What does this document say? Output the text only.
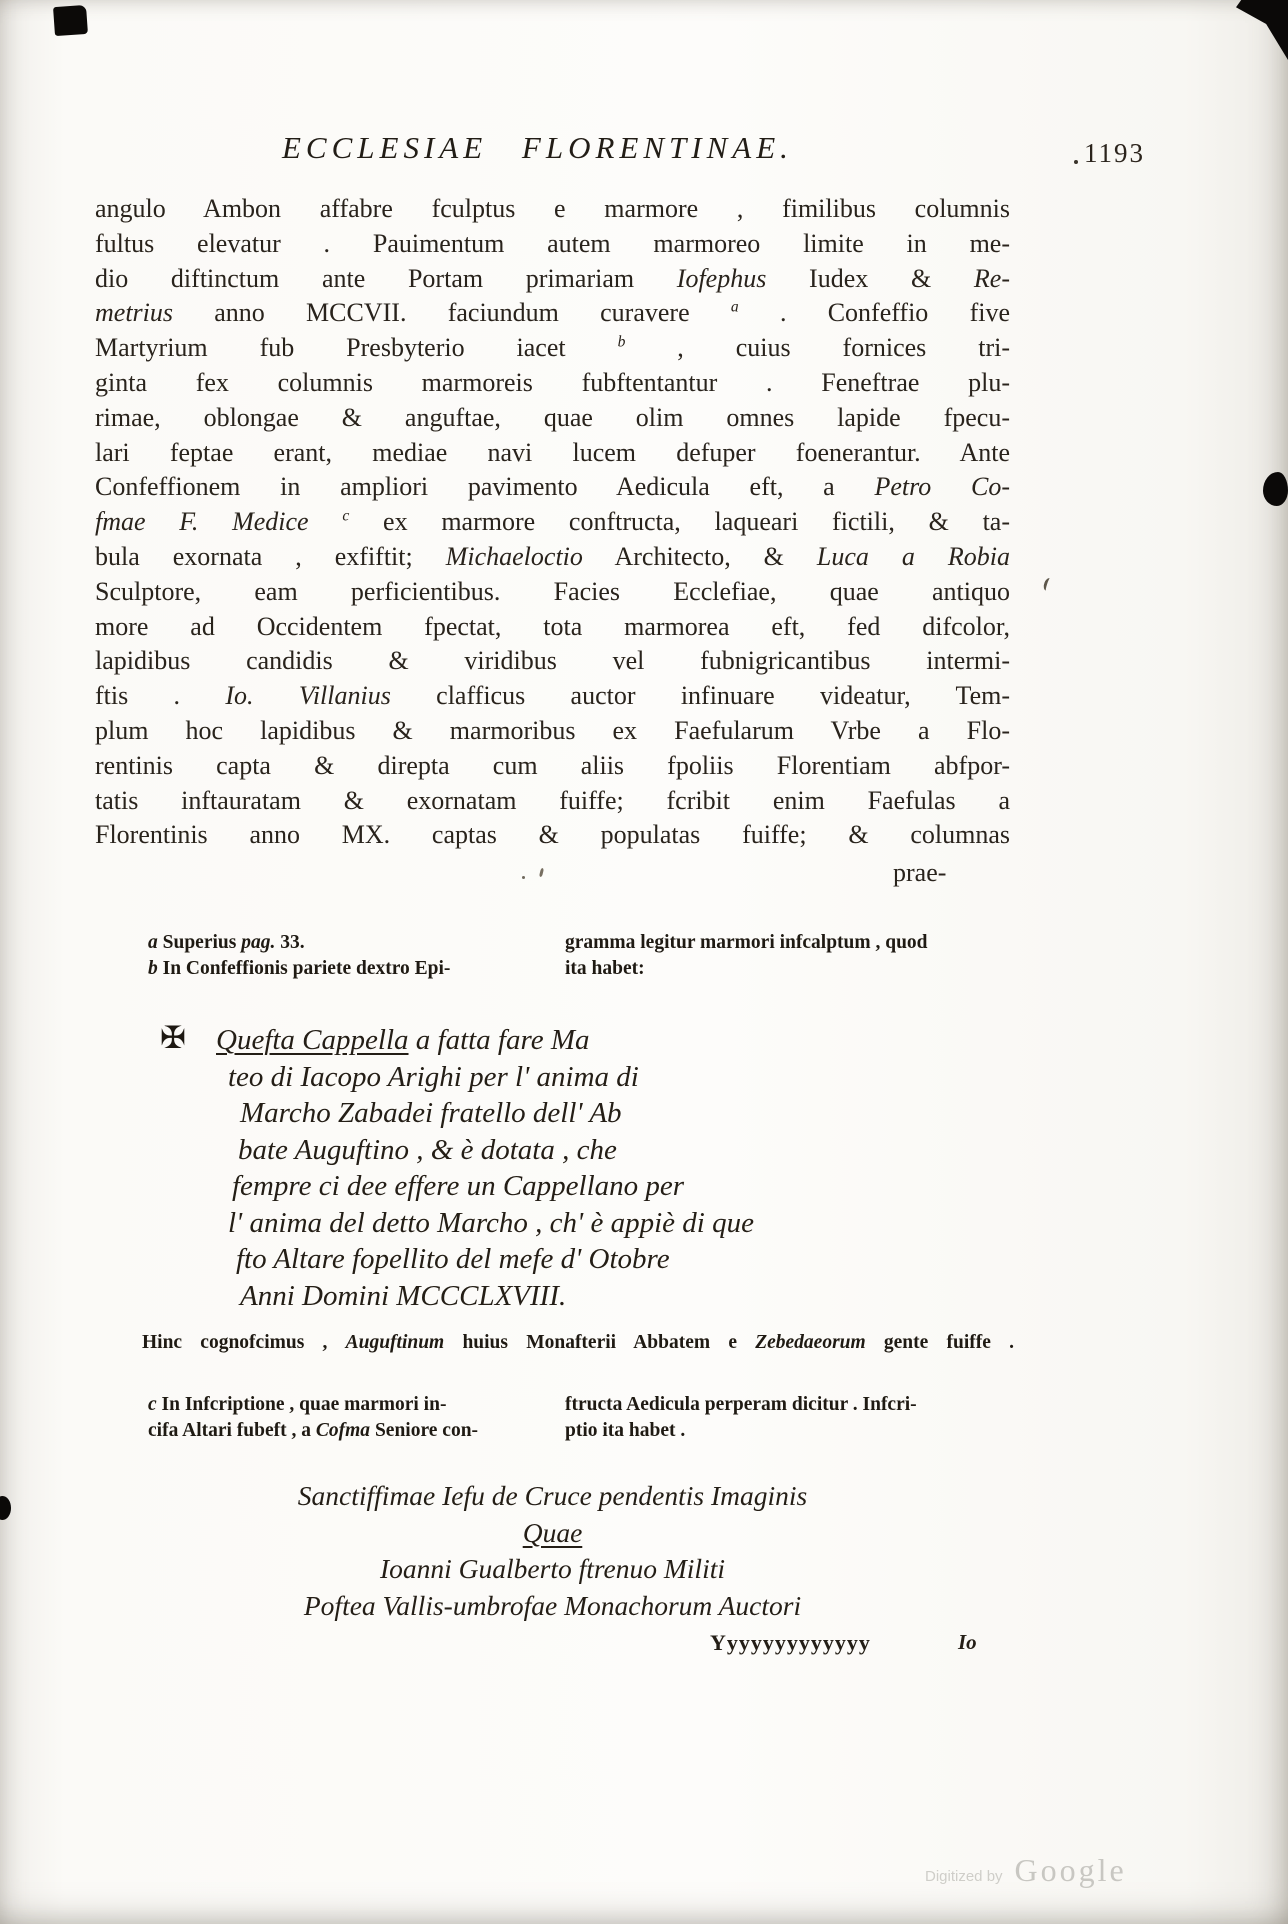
ECCLESIAE FLORENTINAE.	1193
angulo Ambon affabre fculptus e marmore , fimilibus columnis
fultus elevatur . Pauimentum autem marmoreo limite in me-
dio diftinctum ante Portam primariam Iofephus Iudex & Re-
metrius anno MCCVII. faciundum curavere $^a$ . Confeffio five
Martyrium fub Presbyterio iacet $^b$ , cuius fornices tri-
ginta fex columnis marmoreis fubftentantur . Feneftrae plu-
rimae, oblongae & anguftae, quae olim omnes lapide fpecu-
lari feptae erant, mediae navi lucem defuper foenerantur. Ante
Confeffionem in ampliori pavimento Aedicula eft, a Petro Co-
fmae F. Medice $^c$ ex marmore conftructa, laqueari fictili, & ta-
bula exornata , exfiftit; Michaeloctio Architecto, & Luca a Robia
Sculptore, eam perficientibus. Facies Ecclefiae, quae antiquo
more ad Occidentem fpectat, tota marmorea eft, fed difcolor,
lapidibus candidis & viridibus vel fubnigricantibus intermi-
ftis . Io. Villanius clafficus auctor infinuare videatur, Tem-
plum hoc lapidibus & marmoribus ex Faefularum Vrbe a Flo-
rentinis capta & direpta cum aliis fpoliis Florentiam abfpor-
tatis inftauratam & exornatam fuiffe; fcribit enim Faefulas a
Florentinis anno MX. captas & populatas fuiffe; & columnas
prae-
a Superius pag. 33.
b In Confeffionis pariete dextro Epi-
gramma legitur marmori infcalptum , quod
ita habet:
✠ Quefta Cappella a fatta fare Ma
teo di Iacopo Arighi per l' anima di
Marcho Zabadei fratello dell' Ab
bate Auguftino , & è dotata , che
fempre ci dee effere un Cappellano per
l' anima del detto Marcho , ch' è appiè di que
fto Altare fopellito del mefe d' Otobre
Anni Domini MCCCLXVIII.
Hinc cognofcimus , Auguftinum huius Monafterii Abbatem e Zebedaeorum gente fuiffe .
c In Infcriptione , quae marmori in-
cifa Altari fubeft , a Cofma Seniore con-
ftructa Aedicula perperam dicitur . Infcri-
ptio ita habet .
Sanctiffimae Iefu de Cruce pendentis Imaginis
Quae
Ioanni Gualberto ftrenuo Militi
Poftea Vallis-umbrofae Monachorum Auctori
Yyyyyyyyyyyyy	Io
Digitized by Google
